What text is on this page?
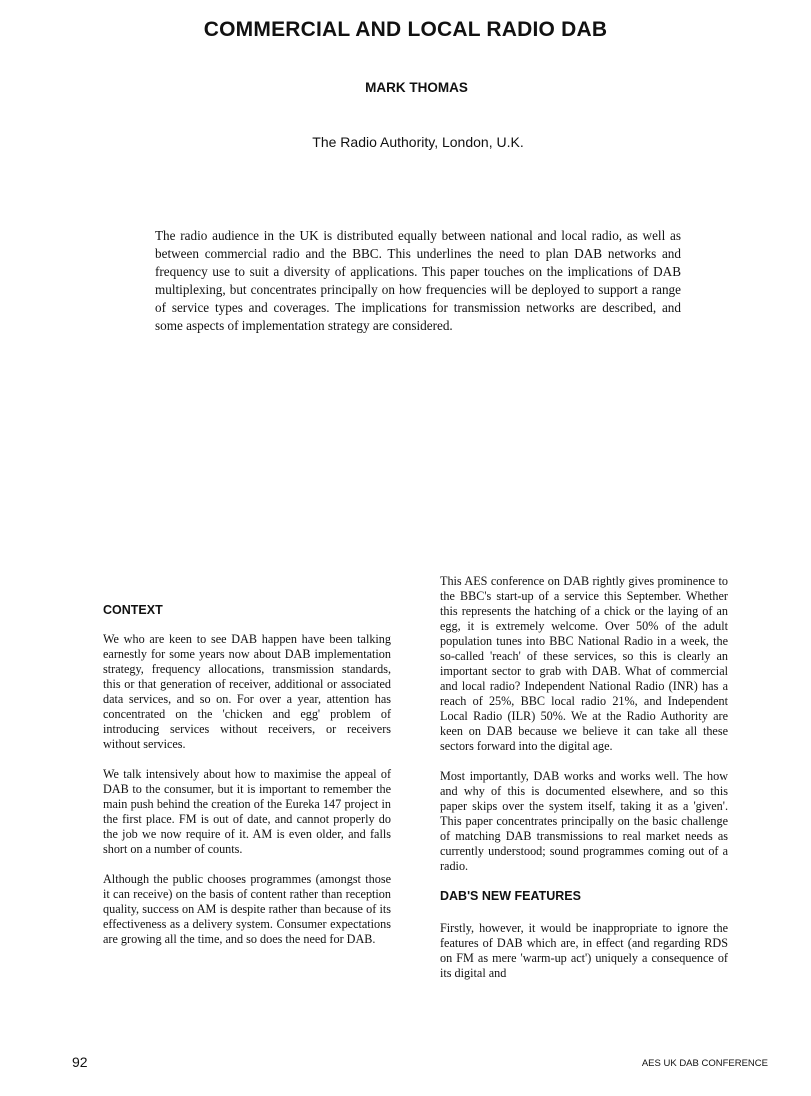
COMMERCIAL AND LOCAL RADIO DAB
MARK THOMAS
The Radio Authority, London, U.K.

The radio audience in the UK is distributed equally between national and local radio, as well as between commercial radio and the BBC. This underlines the need to plan DAB networks and frequency use to suit a diversity of applications. This paper touches on the implications of DAB multiplexing, but concentrates principally on how frequencies will be deployed to support a range of service types and coverages. The implications for transmission networks are described, and some aspects of implementation strategy are considered.

CONTEXT

We who are keen to see DAB happen have been talking earnestly for some years now about DAB implementation strategy, frequency allocations, transmission standards, this or that generation of receiver, additional or associated data services, and so on. For over a year, attention has concentrated on the 'chicken and egg' problem of introducing services without receivers, or receivers without services.

We talk intensively about how to maximise the appeal of DAB to the consumer, but it is important to remember the main push behind the creation of the Eureka 147 project in the first place. FM is out of date, and cannot properly do the job we now require of it. AM is even older, and falls short on a number of counts.

Although the public chooses programmes (amongst those it can receive) on the basis of content rather than reception quality, success on AM is despite rather than because of its effectiveness as a delivery system. Consumer expectations are growing all the time, and so does the need for DAB.

This AES conference on DAB rightly gives prominence to the BBC's start-up of a service this September. Whether this represents the hatching of a chick or the laying of an egg, it is extremely welcome. Over 50% of the adult population tunes into BBC National Radio in a week, the so-called 'reach' of these services, so this is clearly an important sector to grab with DAB. What of commercial and local radio? Independent National Radio (INR) has a reach of 25%, BBC local radio 21%, and Independent Local Radio (ILR) 50%. We at the Radio Authority are keen on DAB because we believe it can take all these sectors forward into the digital age.

Most importantly, DAB works and works well. The how and why of this is documented elsewhere, and so this paper skips over the system itself, taking it as a 'given'. This paper concentrates principally on the basic challenge of matching DAB transmissions to real market needs as currently understood; sound programmes coming out of a radio.

DAB'S NEW FEATURES

Firstly, however, it would be inappropriate to ignore the features of DAB which are, in effect (and regarding RDS on FM as mere 'warm-up act') uniquely a consequence of its digital and

92	AES UK DAB CONFERENCE
